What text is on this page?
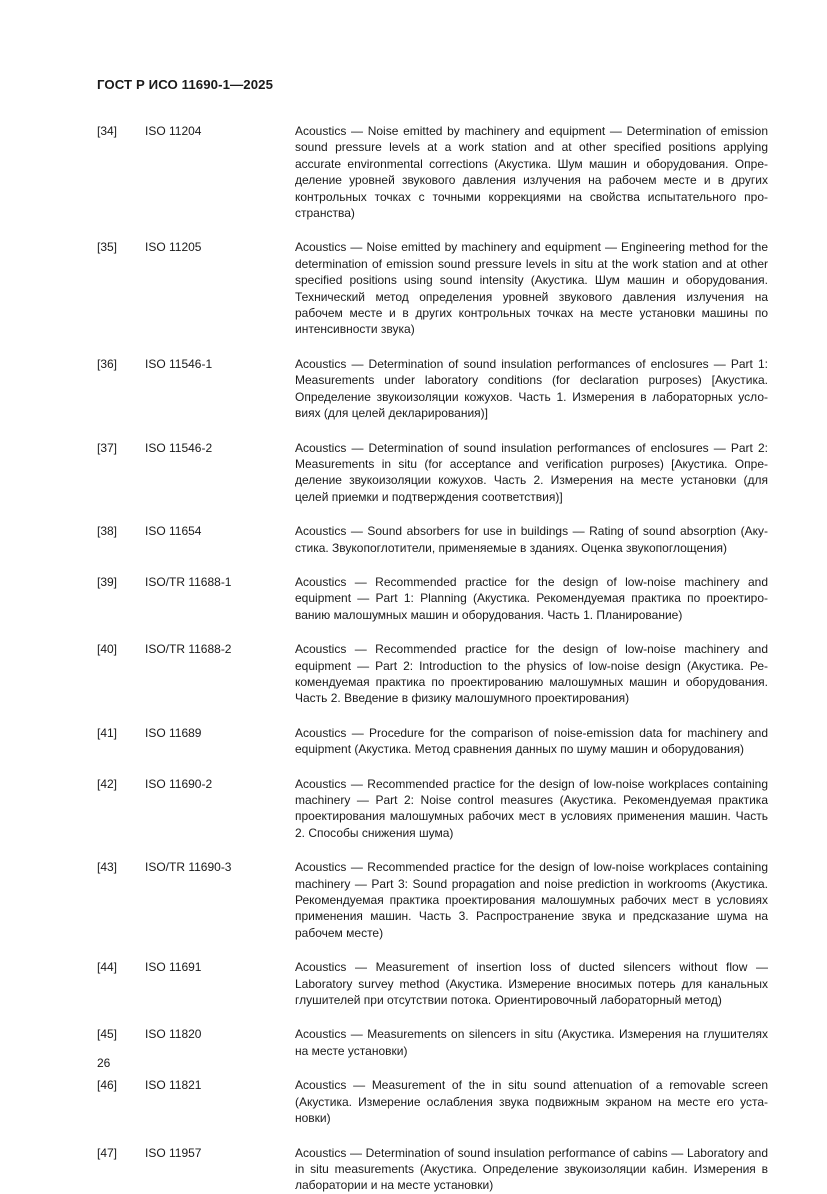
ГОСТ Р ИСО 11690-1—2025
[34]	ISO 11204	Acoustics — Noise emitted by machinery and equipment — Determination of emission sound pressure levels at a work station and at other specified positions applying accurate environmental corrections (Акустика. Шум машин и оборудования. Определение уровней звукового давления излучения на рабочем месте и в других контрольных точках с точными коррекциями на свойства испытательного пространства)
[35]	ISO 11205	Acoustics — Noise emitted by machinery and equipment — Engineering method for the determination of emission sound pressure levels in situ at the work station and at other specified positions using sound intensity (Акустика. Шум машин и оборудования. Технический метод определения уровней звукового давления излучения на рабочем месте и в других контрольных точках на месте установки машины по интенсивности звука)
[36]	ISO 11546-1	Acoustics — Determination of sound insulation performances of enclosures — Part 1: Measurements under laboratory conditions (for declaration purposes) [Акустика. Определение звукоизоляции кожухов. Часть 1. Измерения в лабораторных условиях (для целей декларирования)]
[37]	ISO 11546-2	Acoustics — Determination of sound insulation performances of enclosures — Part 2: Measurements in situ (for acceptance and verification purposes) [Акустика. Определение звукоизоляции кожухов. Часть 2. Измерения на месте установки (для целей приемки и подтверждения соответствия)]
[38]	ISO 11654	Acoustics — Sound absorbers for use in buildings — Rating of sound absorption (Акустика. Звукопоглотители, применяемые в зданиях. Оценка звукопоглощения)
[39]	ISO/TR 11688-1	Acoustics — Recommended practice for the design of low-noise machinery and equipment — Part 1: Planning (Акустика. Рекомендуемая практика по проектированию малошумных машин и оборудования. Часть 1. Планирование)
[40]	ISO/TR 11688-2	Acoustics — Recommended practice for the design of low-noise machinery and equipment — Part 2: Introduction to the physics of low-noise design (Акустика. Рекомендуемая практика по проектированию малошумных машин и оборудования. Часть 2. Введение в физику малошумного проектирования)
[41]	ISO 11689	Acoustics — Procedure for the comparison of noise-emission data for machinery and equipment (Акустика. Метод сравнения данных по шуму машин и оборудования)
[42]	ISO 11690-2	Acoustics — Recommended practice for the design of low-noise workplaces containing machinery — Part 2: Noise control measures (Акустика. Рекомендуемая практика проектирования малошумных рабочих мест в условиях применения машин. Часть 2. Способы снижения шума)
[43]	ISO/TR 11690-3	Acoustics — Recommended practice for the design of low-noise workplaces containing machinery — Part 3: Sound propagation and noise prediction in workrooms (Акустика. Рекомендуемая практика проектирования малошумных рабочих мест в условиях применения машин. Часть 3. Распространение звука и предсказание шума на рабочем месте)
[44]	ISO 11691	Acoustics — Measurement of insertion loss of ducted silencers without flow — Laboratory survey method (Акустика. Измерение вносимых потерь для канальных глушителей при отсутствии потока. Ориентировочный лабораторный метод)
[45]	ISO 11820	Acoustics — Measurements on silencers in situ (Акустика. Измерения на глушителях на месте установки)
[46]	ISO 11821	Acoustics — Measurement of the in situ sound attenuation of a removable screen (Акустика. Измерение ослабления звука подвижным экраном на месте его установки)
[47]	ISO 11957	Acoustics — Determination of sound insulation performance of cabins — Laboratory and in situ measurements (Акустика. Определение звукоизоляции кабин. Измерения в лаборатории и на месте установки)
26
